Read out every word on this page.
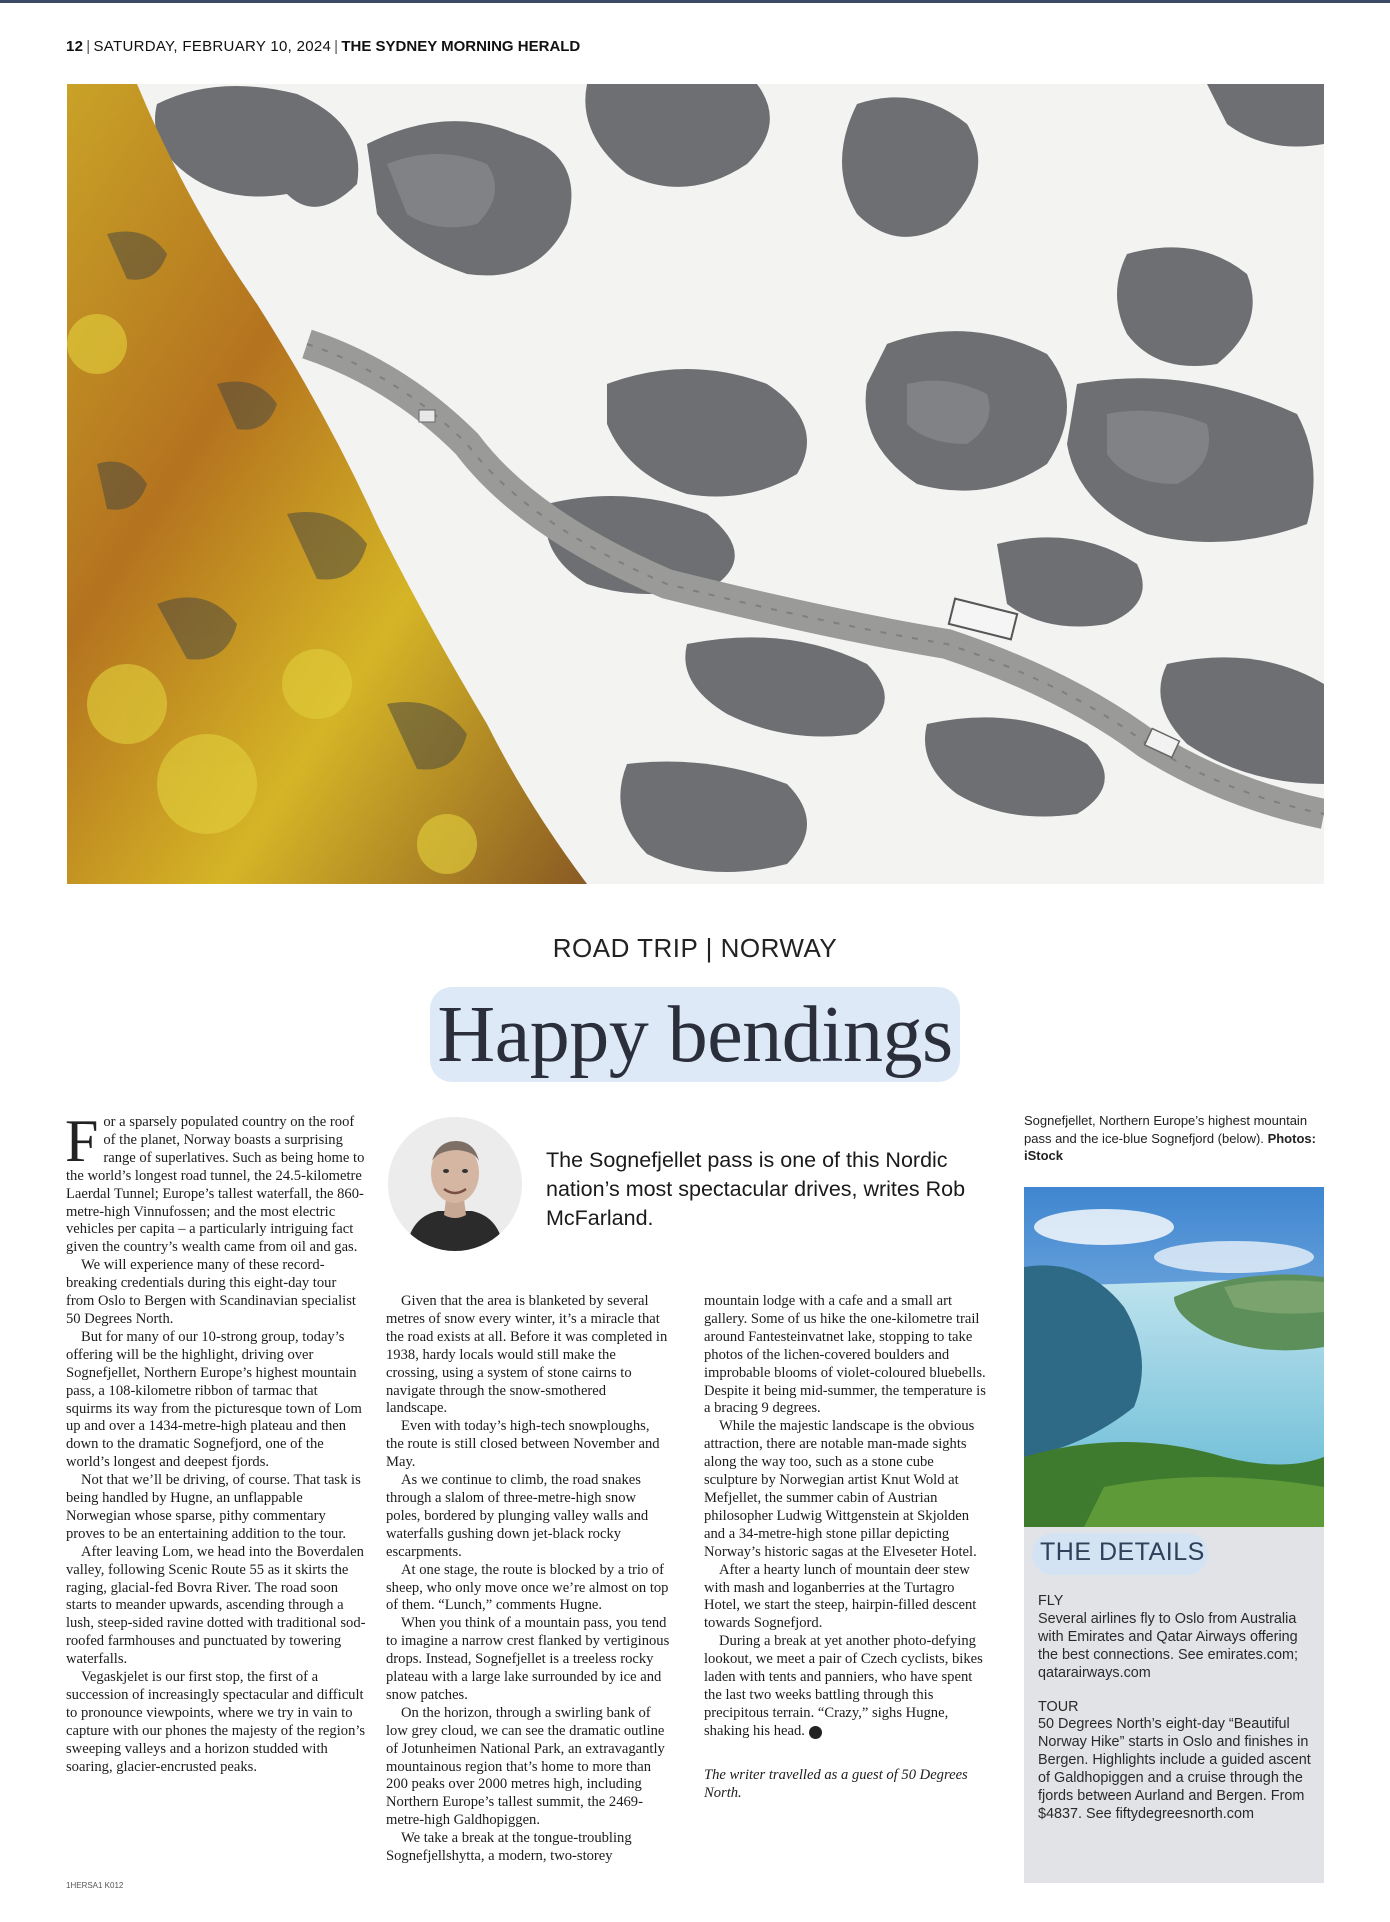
12 | SATURDAY, FEBRUARY 10, 2024 | THE SYDNEY MORNING HERALD
ROAD TRIP | NORWAY
Happy bendings

For a sparsely populated country on the roof of the planet, Norway boasts a surprising range of superlatives. Such as being home to the world’s longest road tunnel, the 24.5-kilometre Laerdal Tunnel; Europe’s tallest waterfall, the 860-metre-high Vinnufossen; and the most electric vehicles per capita – a particularly intriguing fact given the country’s wealth came from oil and gas.

We will experience many of these record-breaking credentials during this eight-day tour from Oslo to Bergen with Scandinavian specialist 50 Degrees North.

But for many of our 10-strong group, today’s offering will be the highlight, driving over Sognefjellet, Northern Europe’s highest mountain pass, a 108-kilometre ribbon of tarmac that squirms its way from the picturesque town of Lom up and over a 1434-metre-high plateau and then down to the dramatic Sognefjord, one of the world’s longest and deepest fjords.

Not that we’ll be driving, of course. That task is being handled by Hugne, an unflappable Norwegian whose sparse, pithy commentary proves to be an entertaining addition to the tour.

After leaving Lom, we head into the Boverdalen valley, following Scenic Route 55 as it skirts the raging, glacial-fed Bovra River. The road soon starts to meander upwards, ascending through a lush, steep-sided ravine dotted with traditional sod-roofed farmhouses and punctuated by towering waterfalls.

Vegaskjelet is our first stop, the first of a succession of increasingly spectacular and difficult to pronounce viewpoints, where we try in vain to capture with our phones the majesty of the region’s sweeping valleys and a horizon studded with soaring, glacier-encrusted peaks.

The Sognefjellet pass is one of this Nordic nation’s most spectacular drives, writes Rob McFarland.

Given that the area is blanketed by several metres of snow every winter, it’s a miracle that the road exists at all. Before it was completed in 1938, hardy locals would still make the crossing, using a system of stone cairns to navigate through the snow-smothered landscape.

Even with today’s high-tech snowploughs, the route is still closed between November and May.

As we continue to climb, the road snakes through a slalom of three-metre-high snow poles, bordered by plunging valley walls and waterfalls gushing down jet-black rocky escarpments.

At one stage, the route is blocked by a trio of sheep, who only move once we’re almost on top of them. “Lunch,” comments Hugne.

When you think of a mountain pass, you tend to imagine a narrow crest flanked by vertiginous drops. Instead, Sognefjellet is a treeless rocky plateau with a large lake surrounded by ice and snow patches.

On the horizon, through a swirling bank of low grey cloud, we can see the dramatic outline of Jotunheimen National Park, an extravagantly mountainous region that’s home to more than 200 peaks over 2000 metres high, including Northern Europe’s tallest summit, the 2469-metre-high Galdhopiggen.

We take a break at the tongue-troubling Sognefjellshytta, a modern, two-storey

mountain lodge with a cafe and a small art gallery. Some of us hike the one-kilometre trail around Fantesteinvatnet lake, stopping to take photos of the lichen-covered boulders and improbable blooms of violet-coloured bluebells. Despite it being mid-summer, the temperature is a bracing 9 degrees.

While the majestic landscape is the obvious attraction, there are notable man-made sights along the way too, such as a stone cube sculpture by Norwegian artist Knut Wold at Mefjellet, the summer cabin of Austrian philosopher Ludwig Wittgenstein at Skjolden and a 34-metre-high stone pillar depicting Norway’s historic sagas at the Elveseter Hotel.

After a hearty lunch of mountain deer stew with mash and loganberries at the Turtagro Hotel, we start the steep, hairpin-filled descent towards Sognefjord.

During a break at yet another photo-defying lookout, we meet a pair of Czech cyclists, bikes laden with tents and panniers, who have spent the last two weeks battling through this precipitous terrain. “Crazy,” sighs Hugne, shaking his head. i

The writer travelled as a guest of 50 Degrees North.

Sognefjellet, Northern Europe’s highest mountain pass and the ice-blue Sognefjord (below). Photos: iStock
THE DETAILS
FLY
Several airlines fly to Oslo from Australia with Emirates and Qatar Airways offering the best connections. See emirates.com; qatarairways.com
TOUR
50 Degrees North’s eight-day “Beautiful Norway Hike” starts in Oslo and finishes in Bergen. Highlights include a guided ascent of Galdhopiggen and a cruise through the fjords between Aurland and Bergen. From $4837. See fiftydegreesnorth.com
1HERSA1 K012
